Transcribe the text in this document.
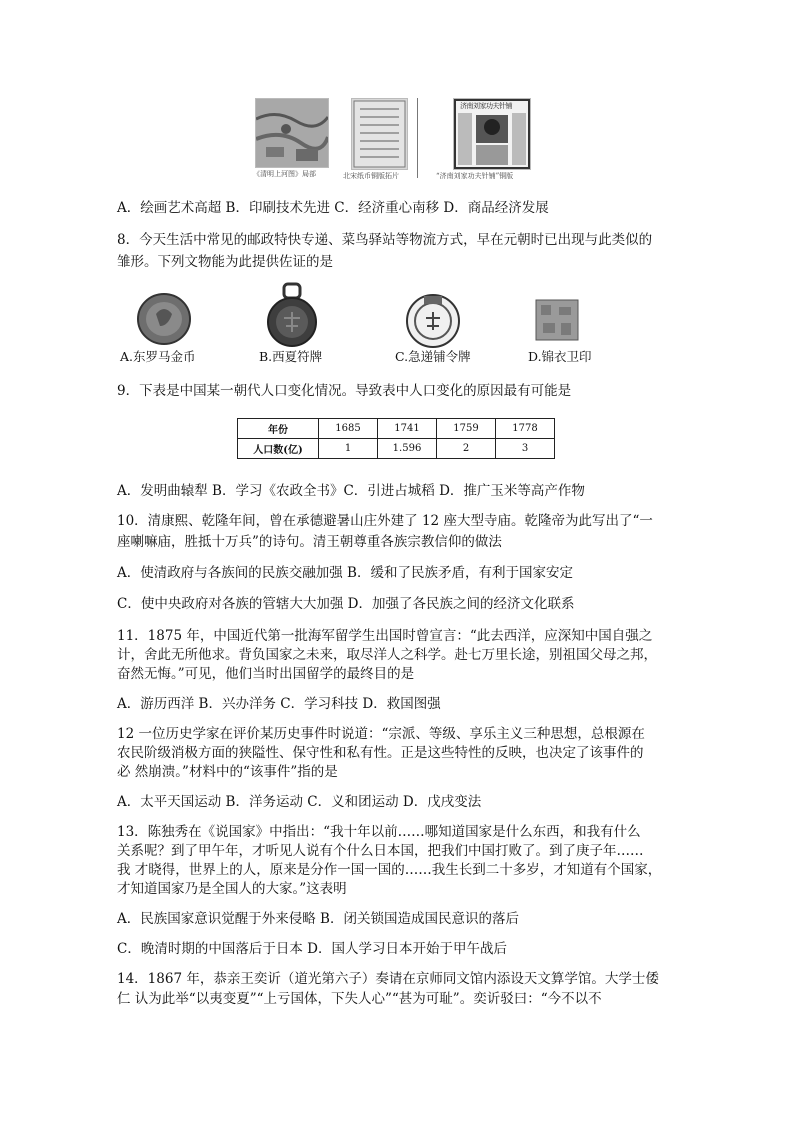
《清明上河图》局部	北宋纸币铜版拓片
济南刘家功夫针铺
“济南刘家功夫针铺”铜版
A．绘画艺术高超 B．印刷技术先进 C．经济重心南移 D．商品经济发展
8．今天生活中常见的邮政特快专递、菜鸟驿站等物流方式，早在元朝时已出现与此类似的
雏形。下列文物能为此提供佐证的是
A.东罗马金币	B.西夏符牌	C.急递铺令牌	D.锦衣卫印
9．下表是中国某一朝代人口变化情况。导致表中人口变化的原因最有可能是
年份	1685	1741	1759	1778
人口数(亿)	1	1.596	2	3
A．发明曲辕犁 B．学习《农政全书》C．引进占城稻 D．推广玉米等高产作物
10．清康熙、乾隆年间，曾在承德避暑山庄外建了 12 座大型寺庙。乾隆帝为此写出了“一
座喇嘛庙，胜抵十万兵”的诗句。清王朝尊重各族宗教信仰的做法
A．使清政府与各族间的民族交融加强 B．缓和了民族矛盾，有利于国家安定
C．使中央政府对各族的管辖大大加强 D．加强了各民族之间的经济文化联系
11．1875 年，中国近代第一批海军留学生出国时曾宣言：“此去西洋，应深知中国自强之
计，舍此无所他求。背负国家之未来，取尽洋人之科学。赴七万里长途，别祖国父母之邦，
奋然无悔。”可见，他们当时出国留学的最终目的是
A．游历西洋 B．兴办洋务 C．学习科技 D．救国图强
12 一位历史学家在评价某历史事件时说道：“宗派、等级、享乐主义三种思想，总根源在
农民阶级消极方面的狭隘性、保守性和私有性。正是这些特性的反映，也决定了该事件的
必 然崩溃。”材料中的“该事件”指的是
A．太平天国运动 B．洋务运动 C．义和团运动 D．戊戌变法
13．陈独秀在《说国家》中指出：“我十年以前……哪知道国家是什么东西，和我有什么
关系呢？到了甲午年，才听见人说有个什么日本国，把我们中国打败了。到了庚子年……
我 才晓得，世界上的人，原来是分作一国一国的……我生长到二十多岁，才知道有个国家，
才知道国家乃是全国人的大家。”这表明
A．民族国家意识觉醒于外来侵略 B．闭关锁国造成国民意识的落后
C．晚清时期的中国落后于日本 D．国人学习日本开始于甲午战后
14．1867 年，恭亲王奕䜣（道光第六子）奏请在京师同文馆内添设天文算学馆。大学士倭
仁 认为此举“以夷变夏”“上亏国体，下失人心”“甚为可耻”。奕䜣驳曰：“今不以不
